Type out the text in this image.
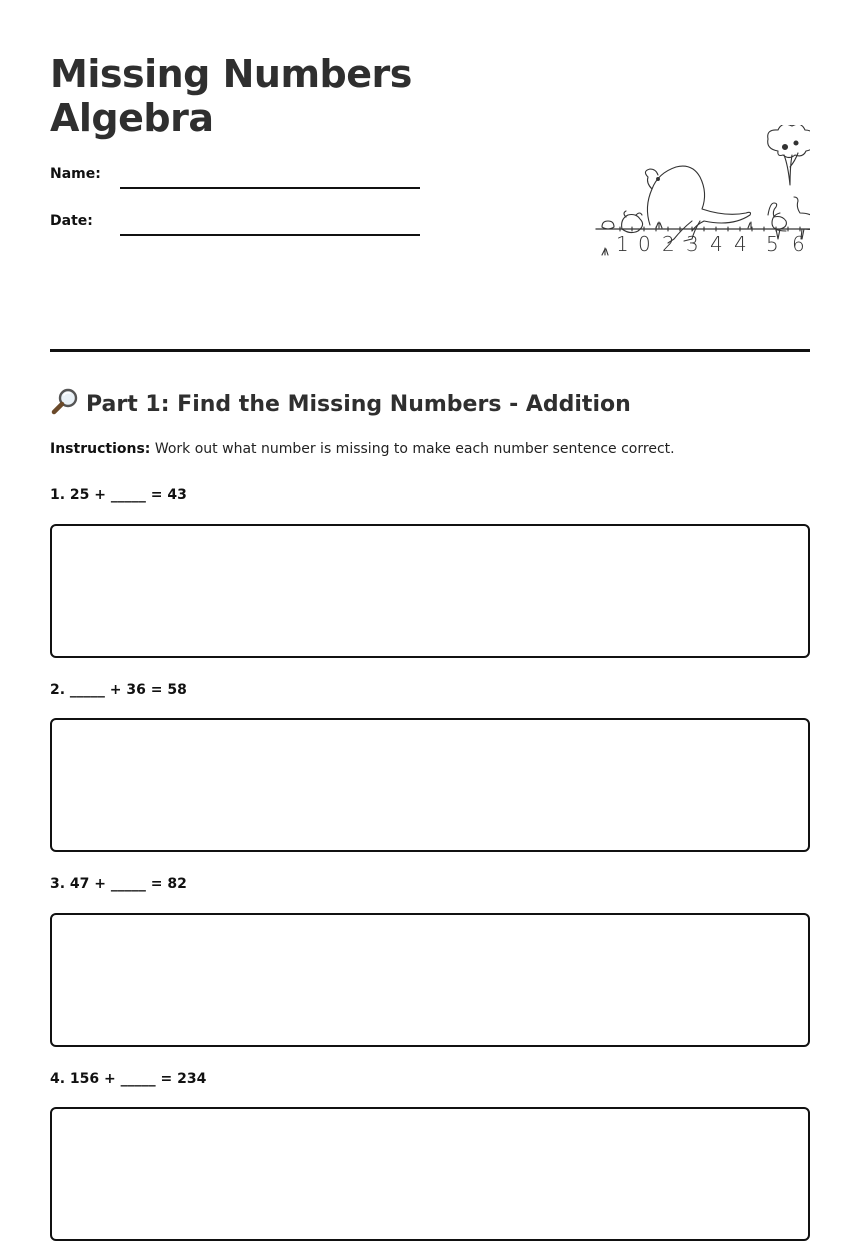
Missing Numbers
Algebra
Name:
Date:
1 0 2 3 4 4 5 6
Part 1: Find the Missing Numbers - Addition
Instructions: Work out what number is missing to make each number sentence correct.
1. 25 + _____ = 43
2. _____ + 36 = 58
3. 47 + _____ = 82
4. 156 + _____ = 234
